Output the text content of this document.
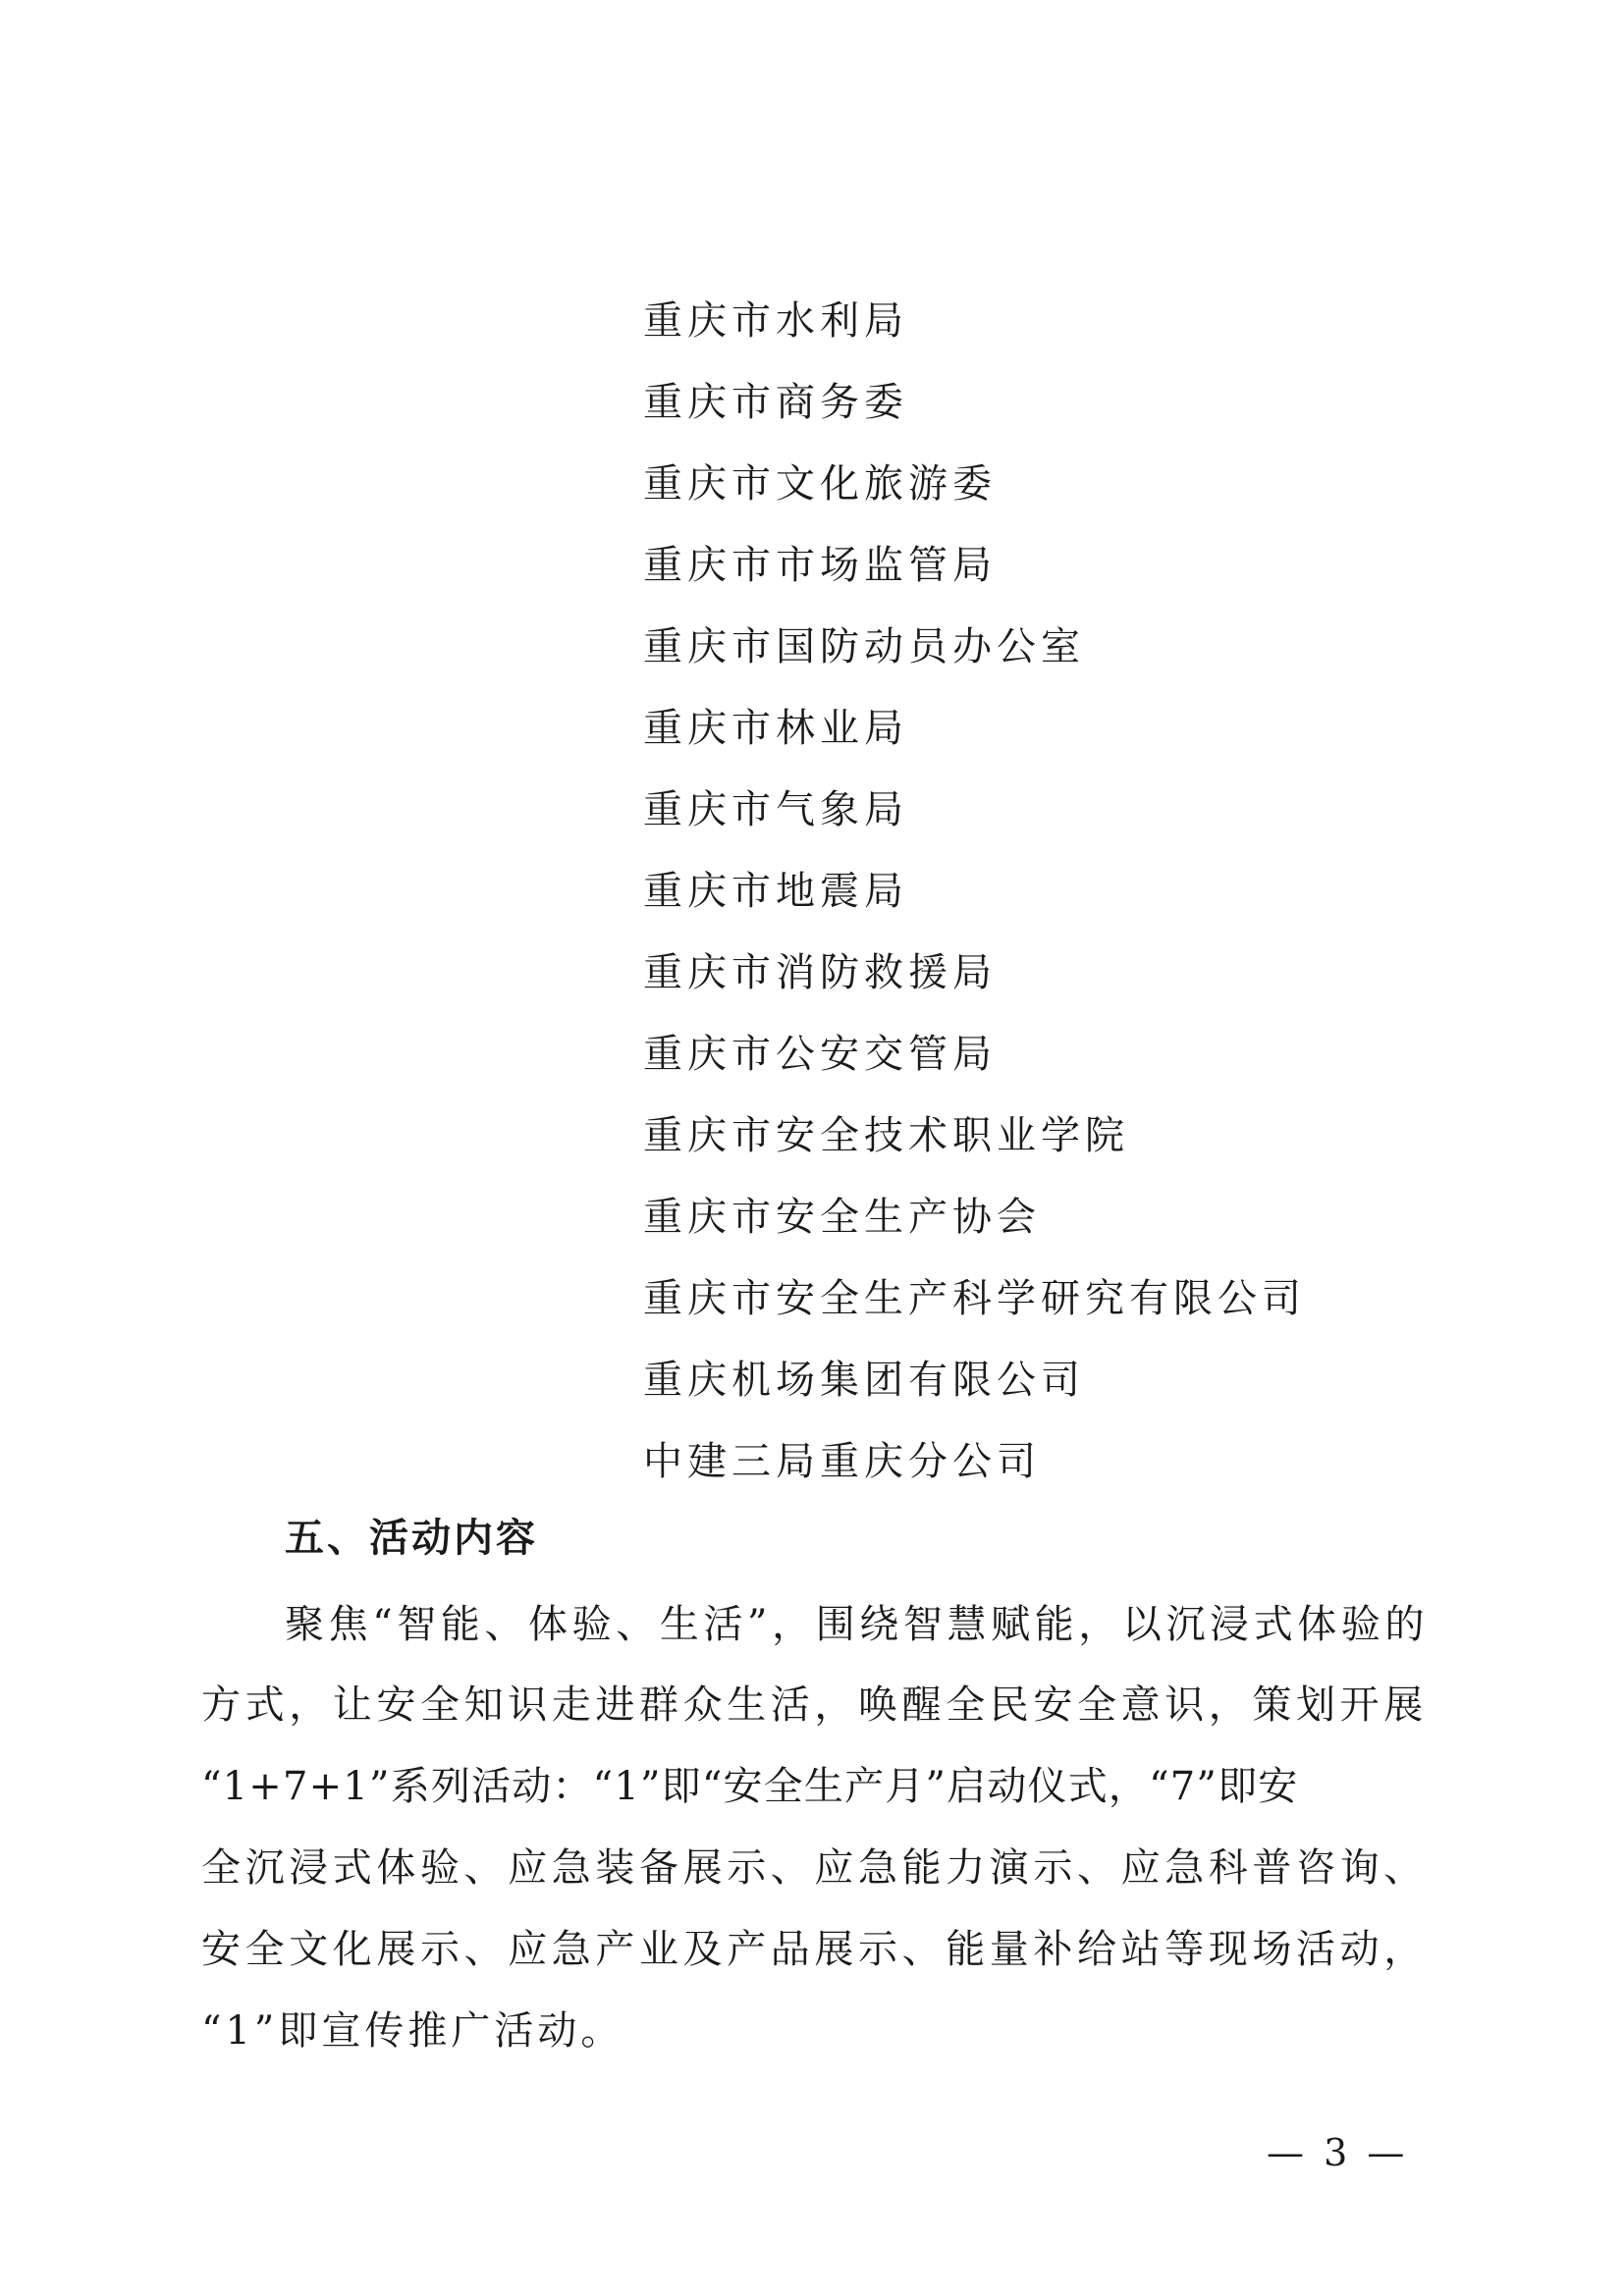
重庆市水利局
重庆市商务委
重庆市文化旅游委
重庆市市场监管局
重庆市国防动员办公室
重庆市林业局
重庆市气象局
重庆市地震局
重庆市消防救援局
重庆市公安交管局
重庆市安全技术职业学院
重庆市安全生产协会
重庆市安全生产科学研究有限公司
重庆机场集团有限公司
中建三局重庆分公司
五、活动内容

聚焦“智能、体验、生活”，围绕智慧赋能，以沉浸式体验的

方式，让安全知识走进群众生活，唤醒全民安全意识，策划开展

“1+7+1”系列活动：“1”即“安全生产月”启动仪式，“7”即安

全沉浸式体验、应急装备展示、应急能力演示、应急科普咨询、

安全文化展示、应急产业及产品展示、能量补给站等现场活动，

“1”即宣传推广活动。

— 3 —
